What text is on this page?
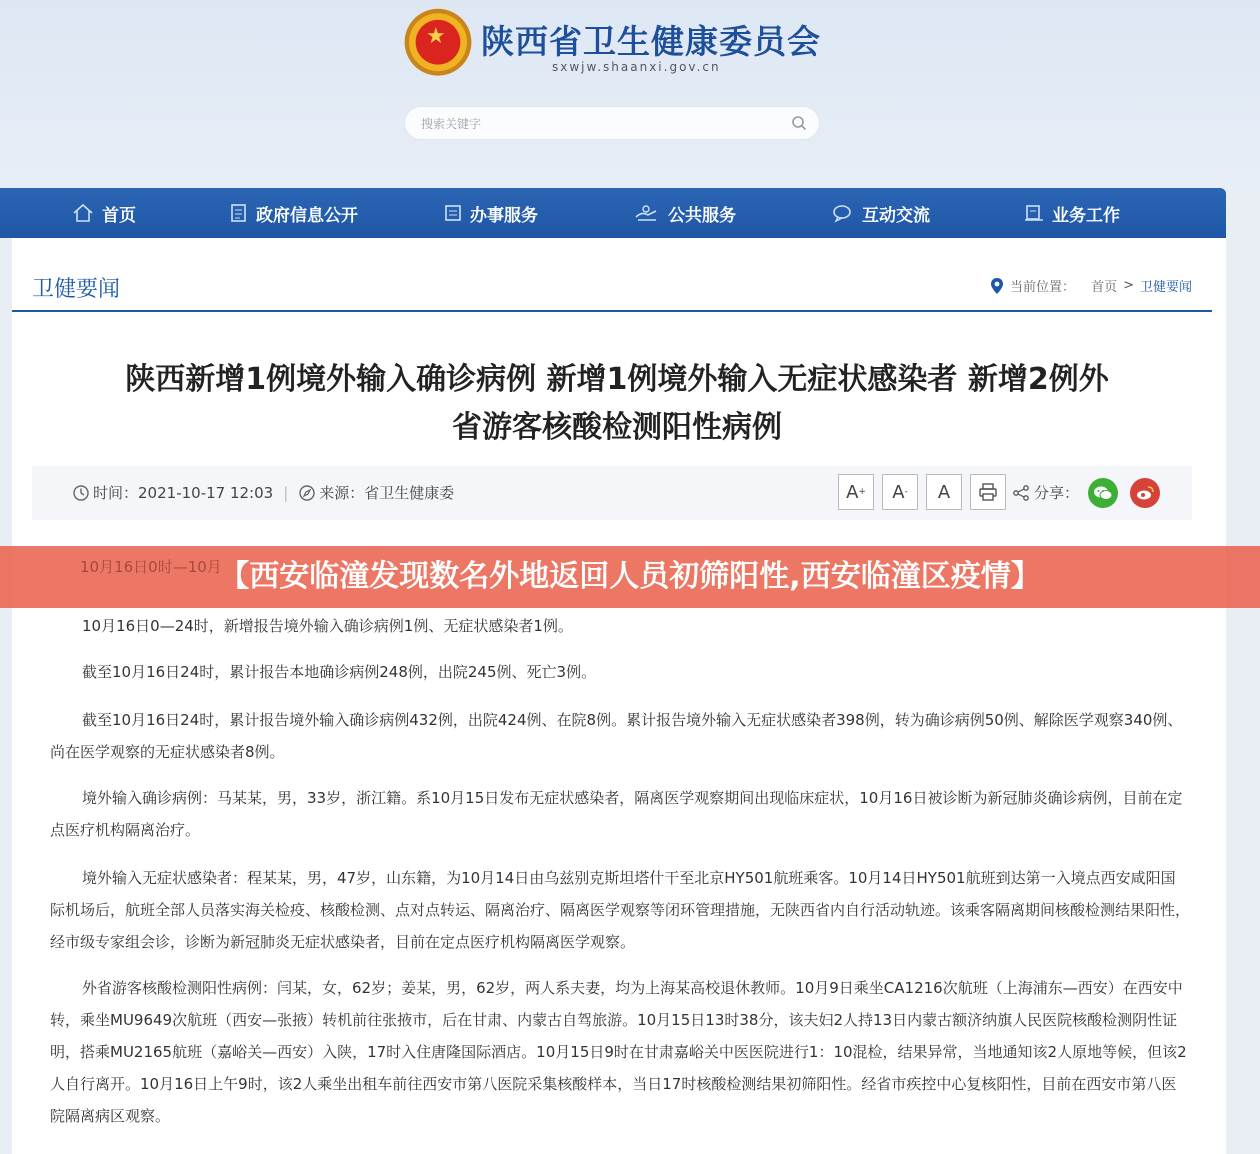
★ 陕西省卫生健康委员会
sxwjw.shaanxi.gov.cn
搜索关键字
首页	政府信息公开	办事服务	公共服务	互动交流	业务工作
卫健要闻	当前位置： 首页 > 卫健要闻
陕西新增1例境外输入确诊病例 新增1例境外输入无症状感染者 新增2例外
省游客核酸检测阳性病例
时间： 2021-10-17 12:03 | 来源： 省卫生健康委	A + A - A	分享：
10月16日0—24时，新增报告境外输入确诊病例1例、无症状感染者1例。
截至10月16日24时，累计报告本地确诊病例248例，出院245例、死亡3例。
截至10月16日24时，累计报告境外输入确诊病例432例，出院424例、在院8例。累计报告境外输入无症状感染者398例，转为确诊病例50例、解除医学观察340例、尚在医学观察的无症状感染者8例。
境外输入确诊病例：马某某，男，33岁，浙江籍。系10月15日发布无症状感染者，隔离医学观察期间出现临床症状，10月16日被诊断为新冠肺炎确诊病例，目前在定点医疗机构隔离治疗。
境外输入无症状感染者：程某某，男，47岁，山东籍，为10月14日由乌兹别克斯坦塔什干至北京HY501航班乘客。10月14日HY501航班到达第一入境点西安咸阳国际机场后，航班全部人员落实海关检疫、核酸检测、点对点转运、隔离治疗、隔离医学观察等闭环管理措施，无陕西省内自行活动轨迹。该乘客隔离期间核酸检测结果阳性，经市级专家组会诊，诊断为新冠肺炎无症状感染者，目前在定点医疗机构隔离医学观察。
外省游客核酸检测阳性病例：闫某，女，62岁；姜某，男，62岁，两人系夫妻，均为上海某高校退休教师。10月9日乘坐CA1216次航班（上海浦东—西安）在西安中转，乘坐MU9649次航班（西安—张掖）转机前往张掖市，后在甘肃、内蒙古自驾旅游。10月15日13时38分，该夫妇2人持13日内蒙古额济纳旗人民医院核酸检测阴性证明，搭乘MU2165航班（嘉峪关—西安）入陕，17时入住唐隆国际酒店。10月15日9时在甘肃嘉峪关中医医院进行1：10混检，结果异常，当地通知该2人原地等候，但该2人自行离开。10月16日上午9时，该2人乘坐出租车前往西安市第八医院采集核酸样本，当日17时核酸检测结果初筛阳性。经省市疾控中心复核阳性，目前在西安市第八医院隔离病区观察。
10月16日0时—10月
【西安临潼发现数名外地返回人员初筛阳性,西安临潼区疫情】
